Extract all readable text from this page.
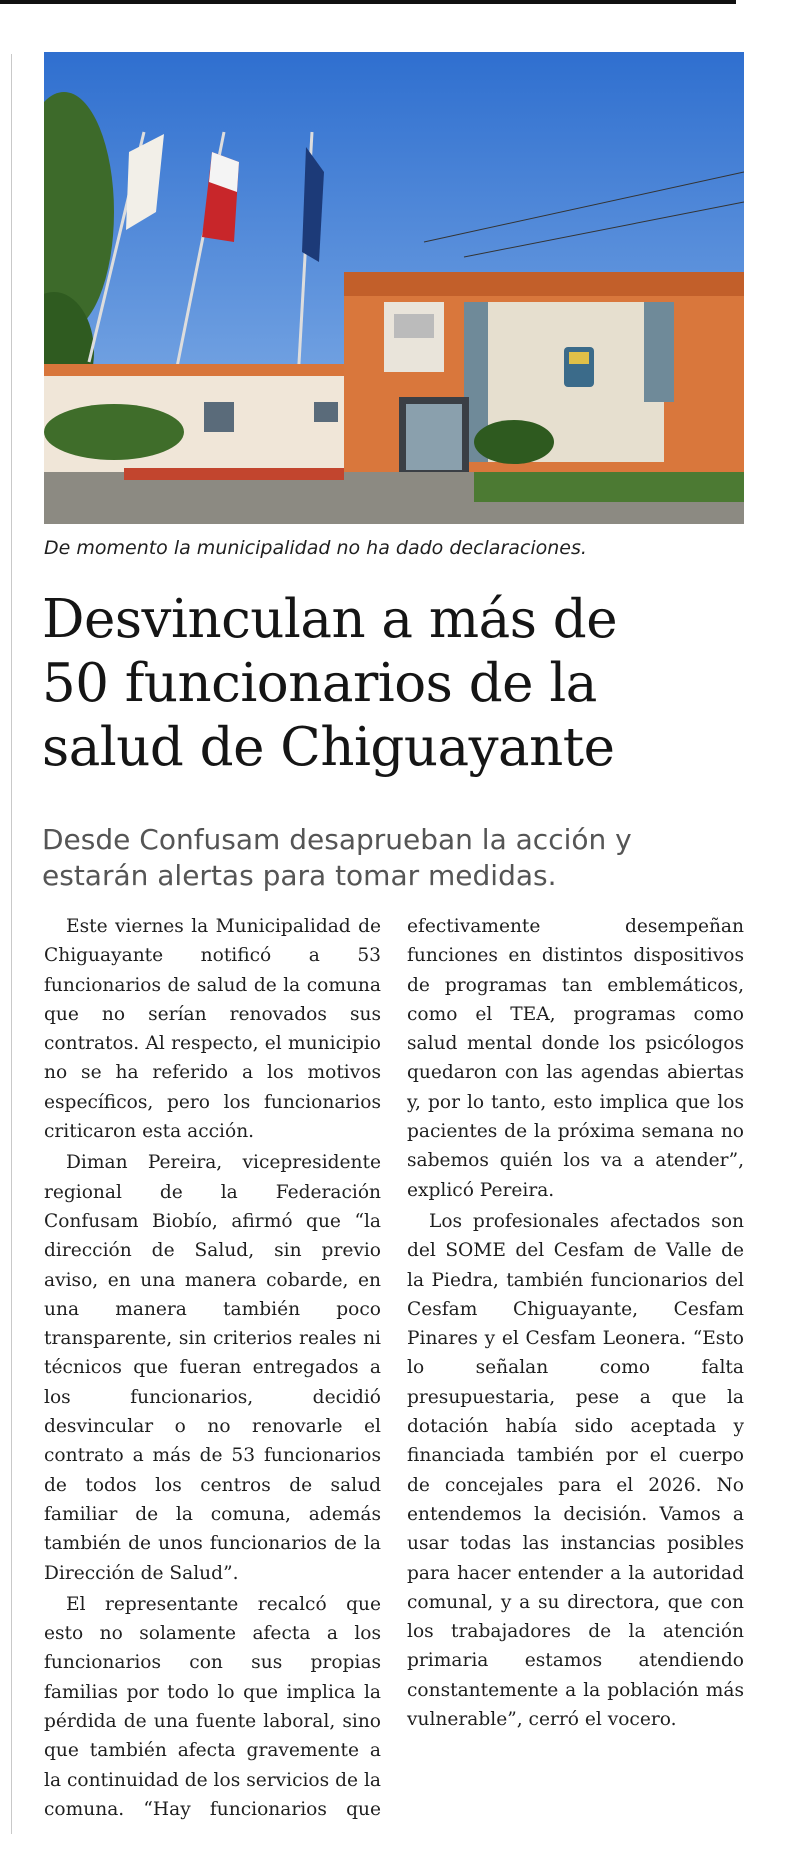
De momento la municipalidad no ha dado declaraciones.
Desvinculan a más de
50 funcionarios de la
salud de Chiguayante
Desde Confusam desaprueban la acción y
estarán alertas para tomar medidas.

Este viernes la Municipalidad de Chiguayante notificó a 53 funcionarios de salud de la comuna que no serían renovados sus contratos. Al respecto, el municipio no se ha referido a los motivos específicos, pero los funcionarios criticaron esta acción.

Diman Pereira, vicepresidente regional de la Federación Confusam Biobío, afirmó que “la dirección de Salud, sin previo aviso, en una manera cobarde, en una manera también poco transparente, sin criterios reales ni técnicos que fueran entregados a los funcionarios, decidió desvincular o no renovarle el contrato a más de 53 funcionarios de todos los centros de salud familiar de la comuna, además también de unos funcionarios de la Dirección de Salud”.

El representante recalcó que esto no solamente afecta a los funcionarios con sus propias familias por todo lo que implica la pérdida de una fuente laboral, sino que también afecta gravemente a la continuidad de los servicios de la comuna. “Hay funcionarios que efectivamente desempeñan funciones en distintos dispositivos de programas tan emblemáticos, como el TEA, programas como salud mental donde los psicólogos quedaron con las agendas abiertas y, por lo tanto, esto implica que los pacientes de la próxima semana no sabemos quién los va a atender”, explicó Pereira.

Los profesionales afectados son del SOME del Cesfam de Valle de la Piedra, también funcionarios del Cesfam Chiguayante, Cesfam Pinares y el Cesfam Leonera. “Esto lo señalan como falta presupuestaria, pese a que la dotación había sido aceptada y financiada también por el cuerpo de concejales para el 2026. No entendemos la decisión. Vamos a usar todas las instancias posibles para hacer entender a la autoridad comunal, y a su directora, que con los trabajadores de la atención primaria estamos atendiendo constantemente a la población más vulnerable”, cerró el vocero.
